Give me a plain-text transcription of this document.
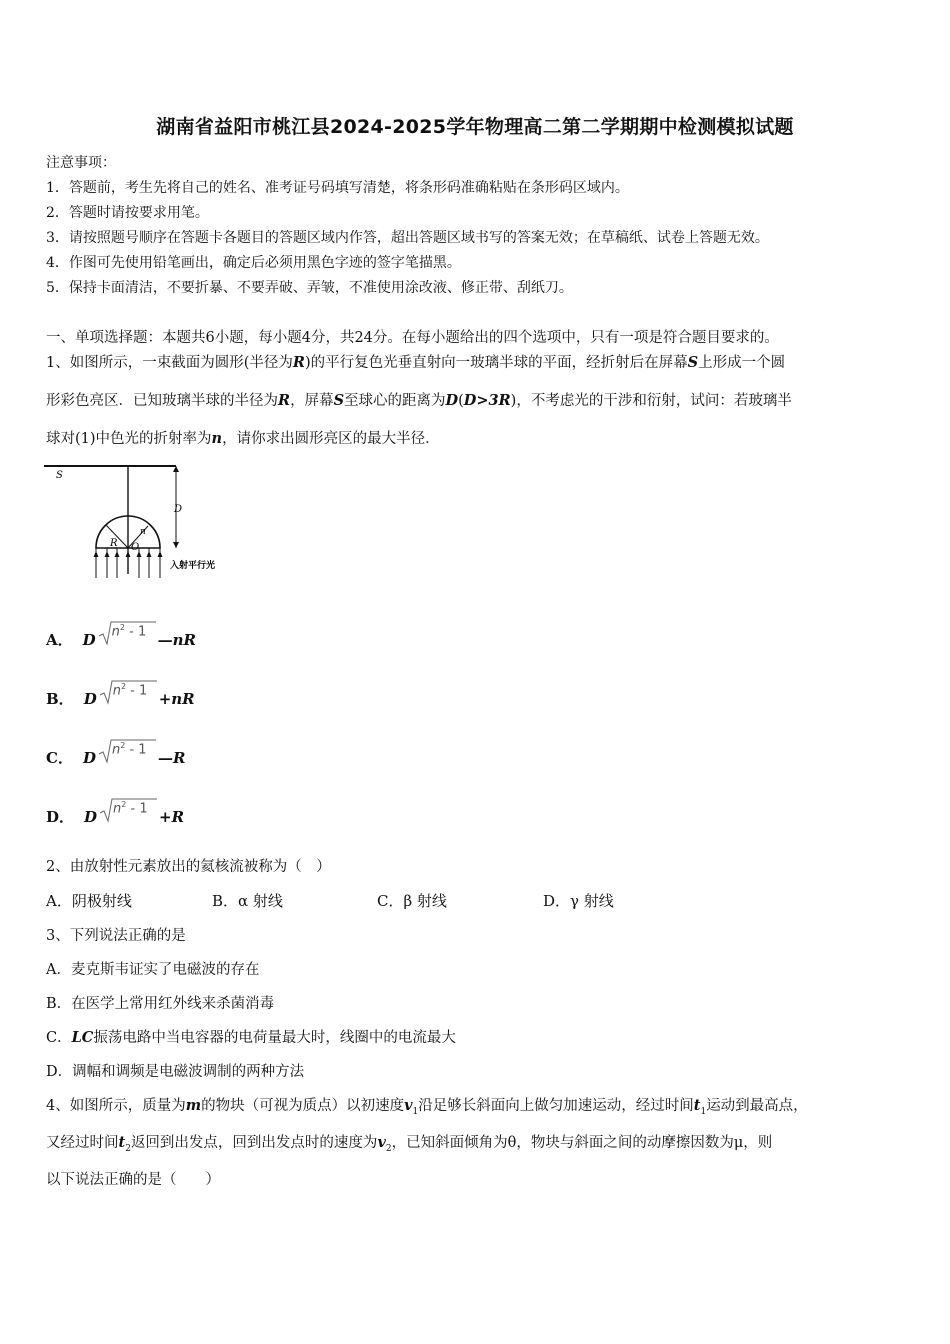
湖南省益阳市桃江县2024-2025学年物理高二第二学期期中检测模拟试题
注意事项：
1．答题前，考生先将自己的姓名、准考证号码填写清楚，将条形码准确粘贴在条形码区域内。
2．答题时请按要求用笔。
3．请按照题号顺序在答题卡各题目的答题区域内作答，超出答题区域书写的答案无效；在草稿纸、试卷上答题无效。
4．作图可先使用铅笔画出，确定后必须用黑色字迹的签字笔描黑。
5．保持卡面清洁，不要折暴、不要弄破、弄皱，不准使用涂改液、修正带、刮纸刀。
一、单项选择题：本题共6小题，每小题4分，共24分。在每小题给出的四个选项中，只有一项是符合题目要求的。
1、如图所示，一束截面为圆形(半径为R)的平行复色光垂直射向一玻璃半球的平面，经折射后在屏幕S上形成一个圆
形彩色亮区．已知玻璃半球的半径为R，屏幕S至球心的距离为D(D>3R)，不考虑光的干涉和衍射，试问：若玻璃半
球对(1)中色光的折射率为n，请你求出圆形亮区的最大半径．
S
D
R O
n
入射平行光
A． D $n^2 - 1$ —nR
B． D $n^2 - 1 +nR$
C． D $n^2 - 1$ —R
D． D $n^2 - 1 +R$
2、由放射性元素放出的氦核流被称为（　）
A．阴极射线	B．α 射线	C．β 射线	D．γ 射线
3、下列说法正确的是
A．麦克斯韦证实了电磁波的存在
B．在医学上常用红外线来杀菌消毒
C．LC振荡电路中当电容器的电荷量最大时，线圈中的电流最大
D．调幅和调频是电磁波调制的两种方法
4、如图所示，质量为m的物块（可视为质点）以初速度$v_1$沿足够长斜面向上做匀加速运动，经过时间$t_1$运动到最高点，
又经过时间$t_2$返回到出发点，回到出发点时的速度为$v_2$，已知斜面倾角为θ，物块与斜面之间的动摩擦因数为μ，则
以下说法正确的是（　　）
